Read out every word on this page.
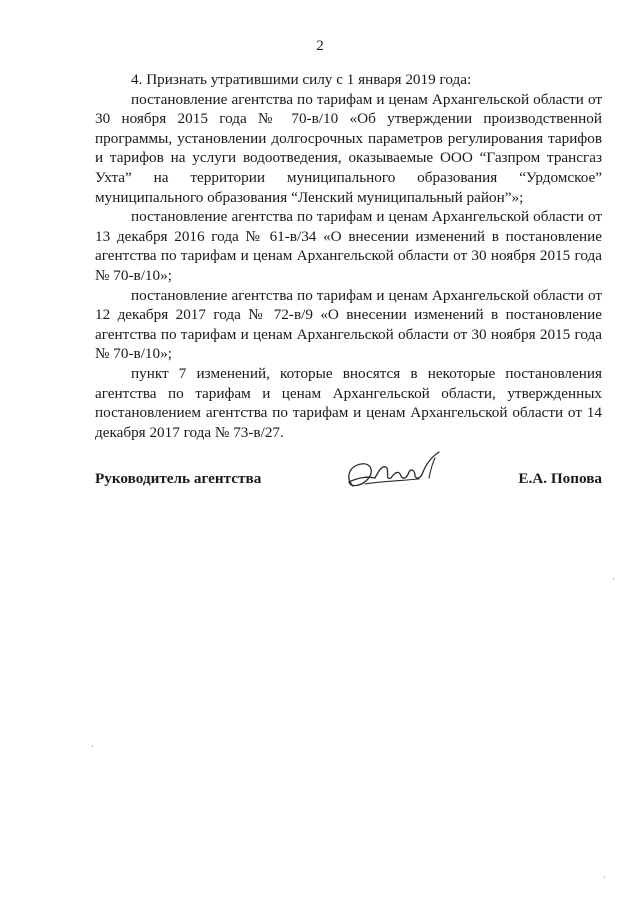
2

4. Признать утратившими силу с 1 января 2019 года:

постановление агентства по тарифам и ценам Архангельской области от 30 ноября 2015 года № 70-в/10 «Об утверждении производственной программы, установлении долгосрочных параметров регулирования тарифов и тарифов на услуги водоотведения, оказываемые ООО “Газпром трансгаз Ухта” на территории муниципального образования “Урдомское” муниципального образования “Ленский муниципальный район”»;

постановление агентства по тарифам и ценам Архангельской области от 13 декабря 2016 года № 61-в/34 «О внесении изменений в постановление агентства по тарифам и ценам Архангельской области от 30 ноября 2015 года № 70-в/10»;

постановление агентства по тарифам и ценам Архангельской области от 12 декабря 2017 года № 72-в/9 «О внесении изменений в постановление агентства по тарифам и ценам Архангельской области от 30 ноября 2015 года № 70-в/10»;

пункт 7 изменений, которые вносятся в некоторые постановления агентства по тарифам и ценам Архангельской области, утвержденных постановлением агентства по тарифам и ценам Архангельской области от 14 декабря 2017 года № 73-в/27.

Руководитель агентства	Е.А. Попова
